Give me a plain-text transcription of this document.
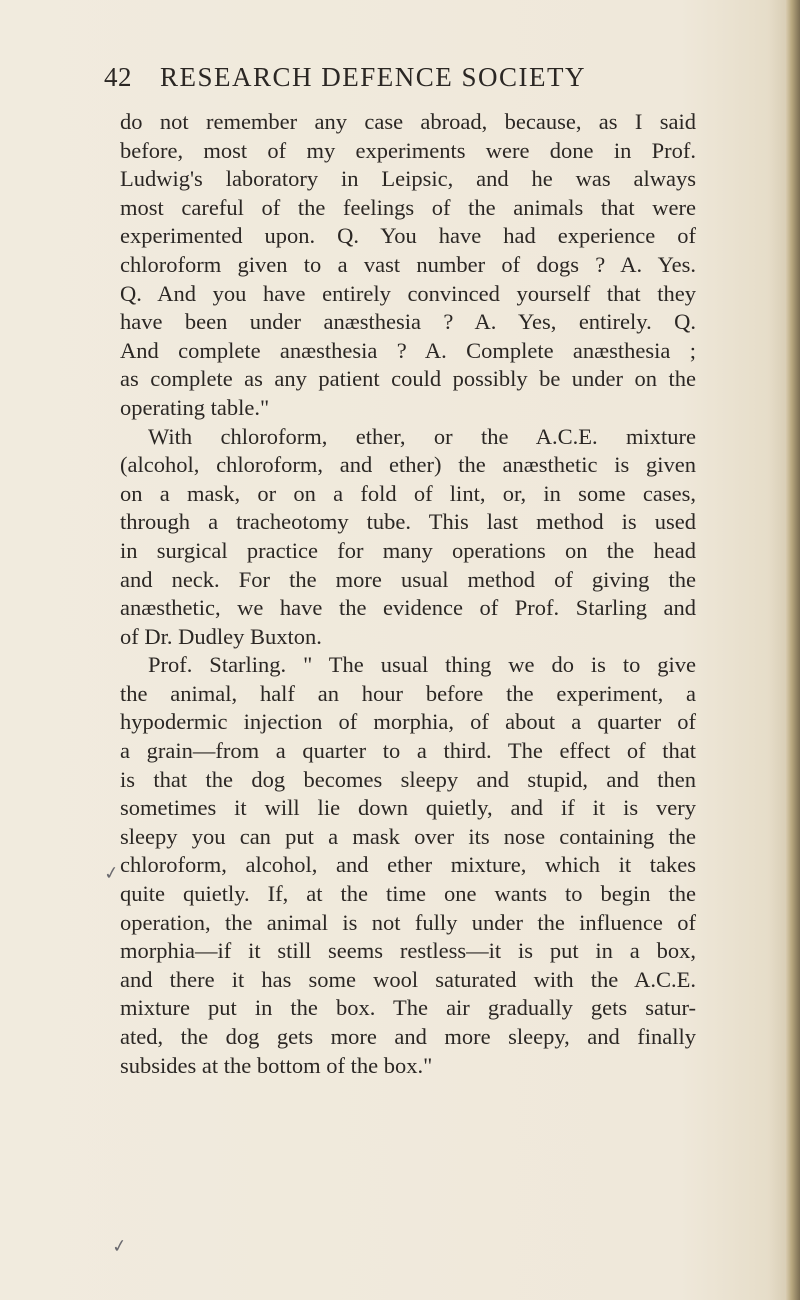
42 RESEARCH DEFENCE SOCIETY
do not remember any case abroad, because, as I said
before, most of my experiments were done in Prof.
Ludwig's laboratory in Leipsic, and he was always
most careful of the feelings of the animals that were
experimented upon. Q. You have had experience of
chloroform given to a vast number of dogs ? A. Yes.
Q. And you have entirely convinced yourself that they
have been under anæsthesia ? A. Yes, entirely. Q.
And complete anæsthesia ? A. Complete anæsthesia ;
as complete as any patient could possibly be under on the
operating table."
With chloroform, ether, or the A.C.E. mixture
(alcohol, chloroform, and ether) the anæsthetic is given
on a mask, or on a fold of lint, or, in some cases,
through a tracheotomy tube. This last method is used
in surgical practice for many operations on the head
and neck. For the more usual method of giving the
anæsthetic, we have the evidence of Prof. Starling and
of Dr. Dudley Buxton.
Prof. Starling. " The usual thing we do is to give
the animal, half an hour before the experiment, a
hypodermic injection of morphia, of about a quarter of
a grain—from a quarter to a third. The effect of that
is that the dog becomes sleepy and stupid, and then
sometimes it will lie down quietly, and if it is very
sleepy you can put a mask over its nose containing the
chloroform, alcohol, and ether mixture, which it takes
quite quietly. If, at the time one wants to begin the
operation, the animal is not fully under the influence of
morphia—if it still seems restless—it is put in a box,
and there it has some wool saturated with the A.C.E.
mixture put in the box. The air gradually gets satur-
ated, the dog gets more and more sleepy, and finally
subsides at the bottom of the box."
✓
✓
